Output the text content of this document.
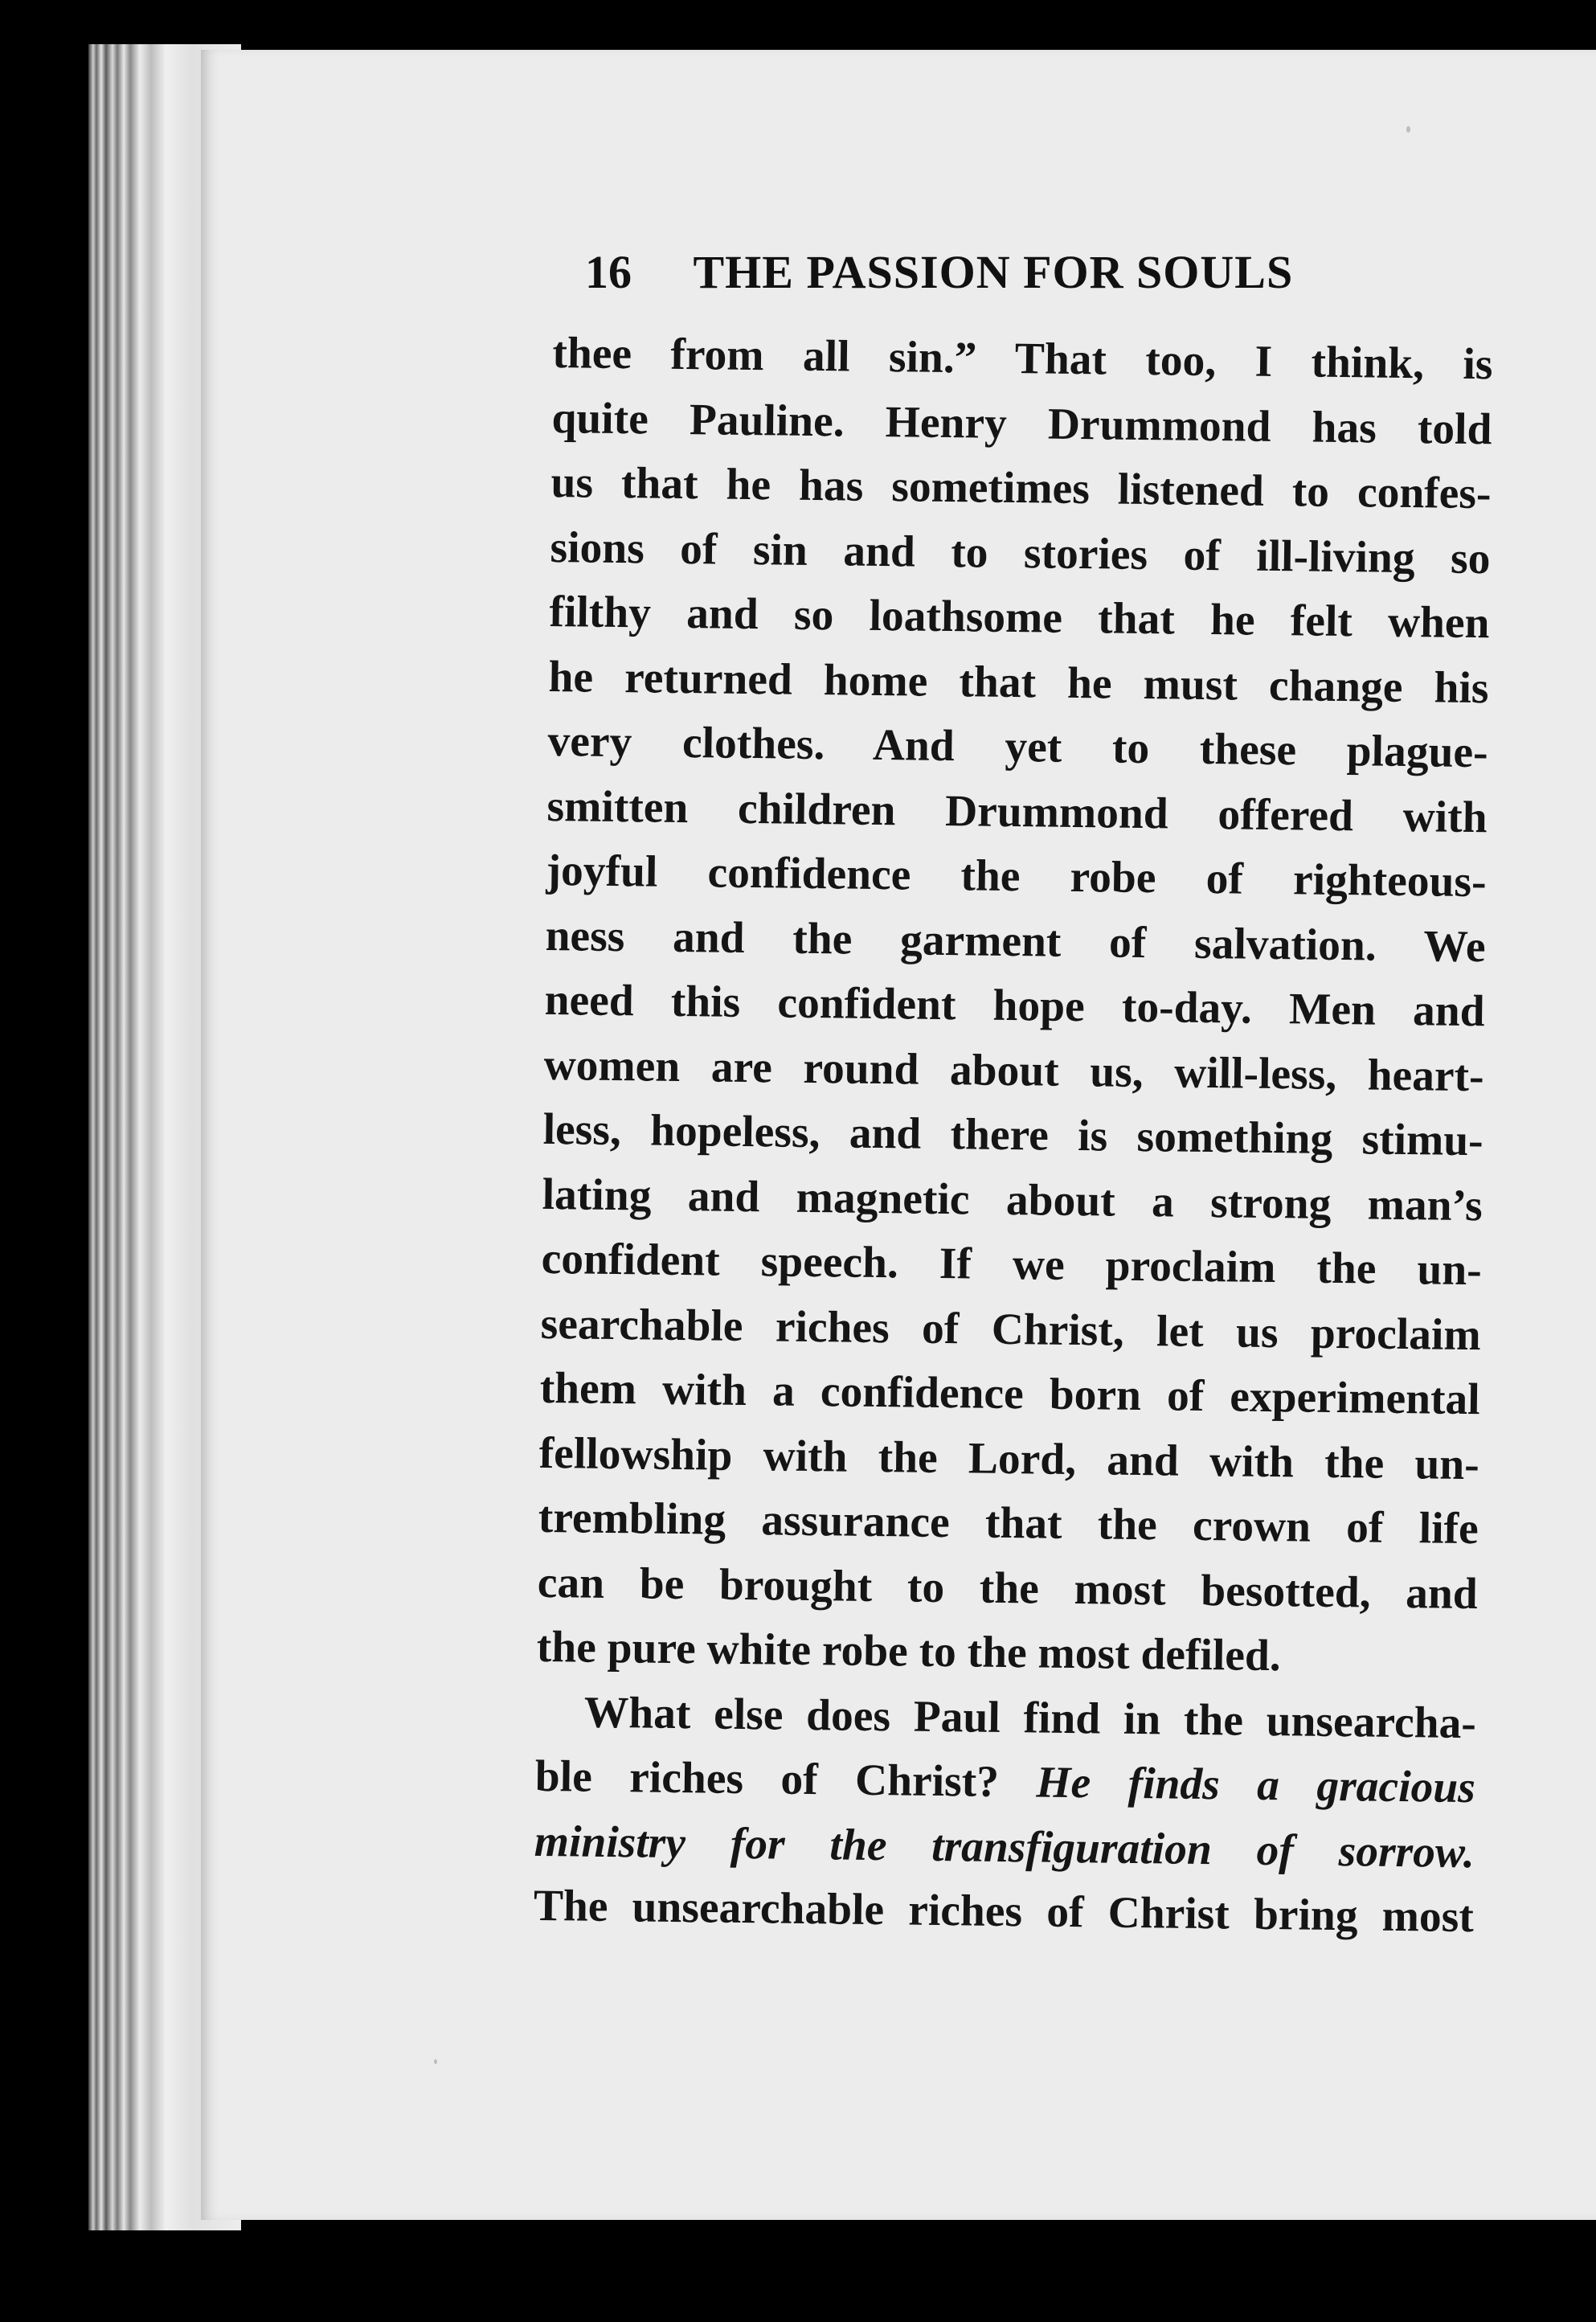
16 THE PASSION FOR SOULS
thee from all sin.” That too, I think, is
quite Pauline. Henry Drummond has told
us that he has sometimes listened to confes-
sions of sin and to stories of ill-living so
filthy and so loathsome that he felt when
he returned home that he must change his
very clothes. And yet to these plague-
smitten children Drummond offered with
joyful confidence the robe of righteous-
ness and the garment of salvation. We
need this confident hope to-day. Men and
women are round about us, will-less, heart-
less, hopeless, and there is something stimu-
lating and magnetic about a strong man’s
confident speech. If we proclaim the un-
searchable riches of Christ, let us proclaim
them with a confidence born of experimental
fellowship with the Lord, and with the un-
trembling assurance that the crown of life
can be brought to the most besotted, and
the pure white robe to the most defiled.
What else does Paul find in the unsearcha-
ble riches of Christ? He finds a gracious
ministry for the transfiguration of sorrow.
The unsearchable riches of Christ bring most
